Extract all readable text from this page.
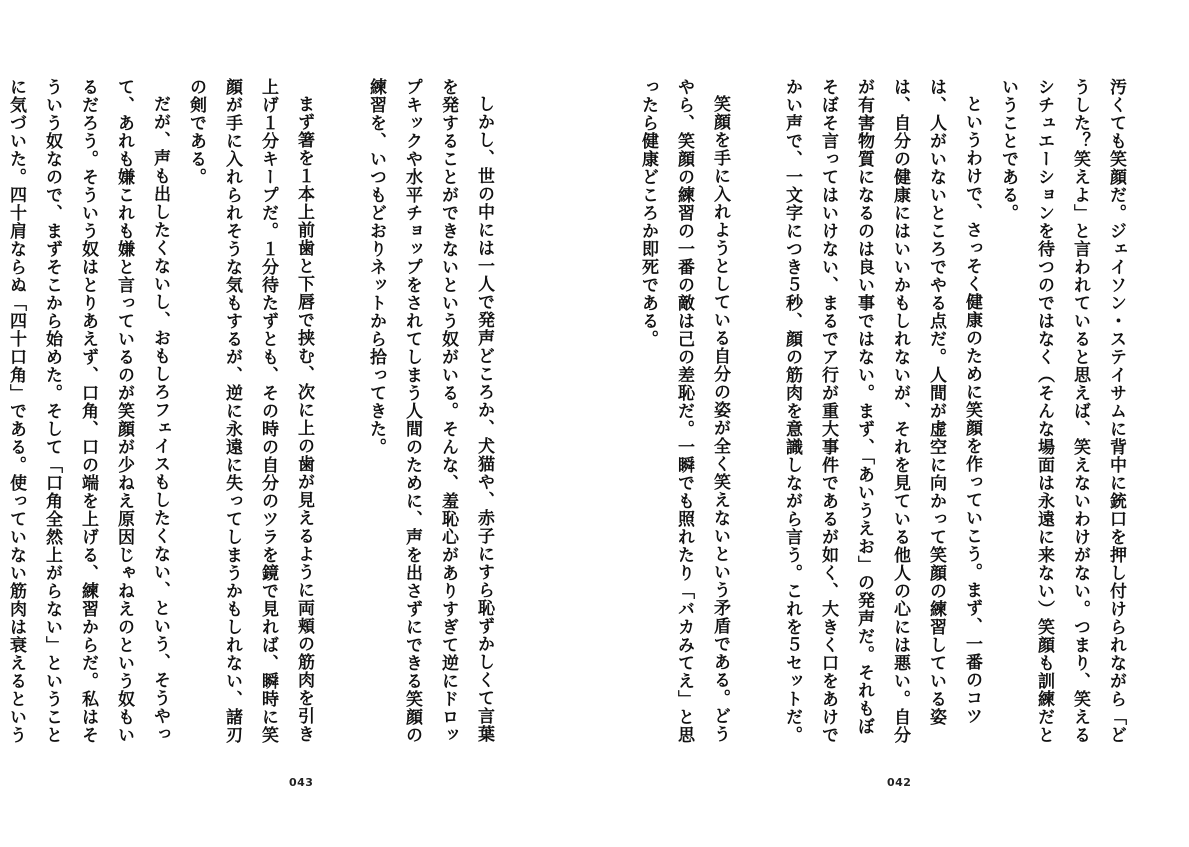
汚くても笑顔だ。ジェイソン・ステイサムに背中に銃口を押し付けられながら「どうした？笑えよ」と言われていると思えば、笑えないわけがない。つまり、笑えるシチュエーションを待つのではなく（そんな場面は永遠に来ない）笑顔も訓練だということである。

というわけで、さっそく健康のために笑顔を作っていこう。まず、一番のコツは、人がいないところでやる点だ。人間が虚空に向かって笑顔の練習している姿は、自分の健康にはいいかもしれないが、それを見ている他人の心には悪い。自分が有害物質になるのは良い事ではない。まず、「あいうえお」の発声だ。それもぼそぼそ言ってはいけない、まるでア行が重大事件であるが如く、大きく口をあけでかい声で、一文字につき５秒、顔の筋肉を意識しながら言う。これを５セットだ。

笑顔を手に入れようとしている自分の姿が全く笑えないという矛盾である。どうやら、笑顔の練習の一番の敵は己の差恥だ。一瞬でも照れたり「バカみてえ」と思ったら健康どころか即死である。

しかし、世の中には一人で発声どころか、犬猫や、赤子にすら恥ずかしくて言葉を発することができないという奴がいる。そんな、羞恥心がありすぎて逆にドロップキックや水平チョップをされてしまう人間のために、声を出さずにできる笑顔の練習を、いつもどおりネットから拾ってきた。

まず箸を１本上前歯と下唇で挟む、次に上の歯が見えるように両頬の筋肉を引き上げ１分キープだ。１分待たずとも、その時の自分のツラを鏡で見れば、瞬時に笑顔が手に入れられそうな気もするが、逆に永遠に失ってしまうかもしれない、諸刃の剣である。

だが、声も出したくないし、おもしろフェイスもしたくない、という、そうやって、あれも嫌これも嫌と言っているのが笑顔が少ねえ原因じゃねえのという奴もいるだろう。そういう奴はとりあえず、口角、口の端を上げる、練習からだ。私はそういう奴なので、まずそこから始めた。そして「口角全然上がらない」ということに気づいた。四十肩ならぬ「四十口角」である。使っていない筋肉は衰えるという

043	042
